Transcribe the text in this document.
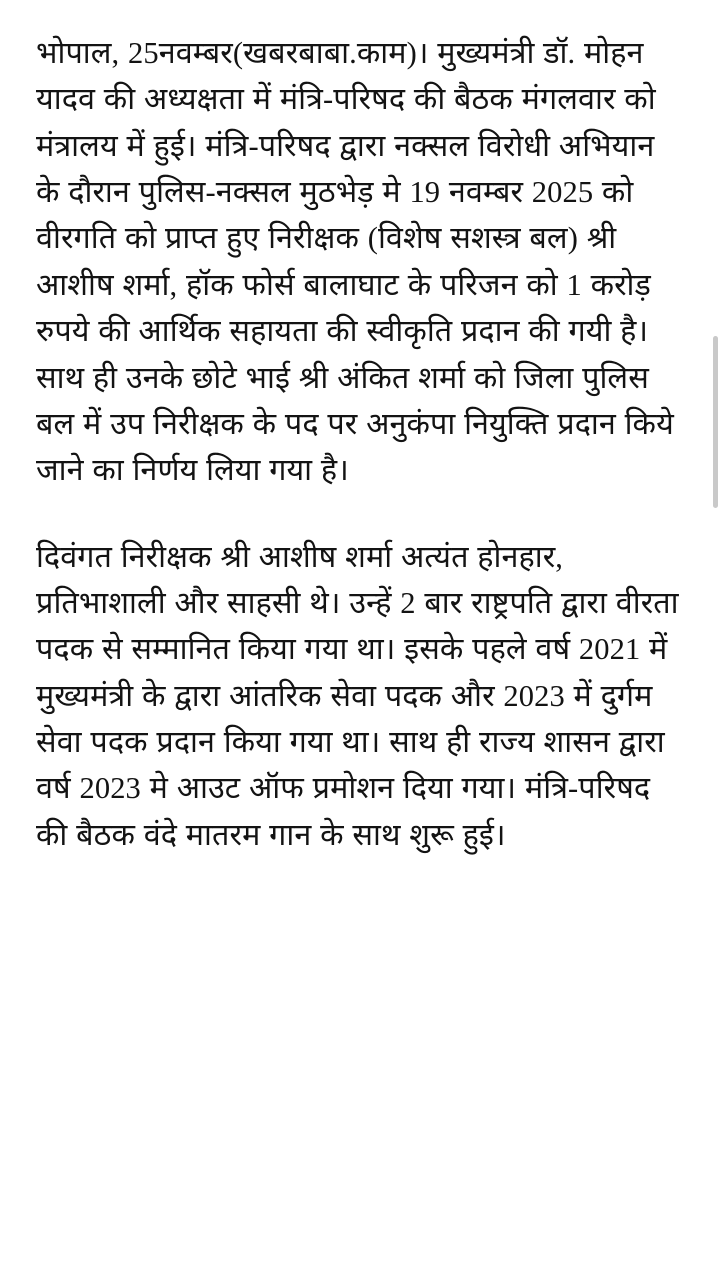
भोपाल, 25नवम्बर(खबरबाबा.काम)। मुख्यमंत्री डॉ. मोहन यादव की अध्यक्षता में मंत्रि-परिषद की बैठक मंगलवार को मंत्रालय में हुई। मंत्रि-परिषद द्वारा नक्सल विरोधी अभियान के दौरान पुलिस-नक्सल मुठभेड़ मे 19 नवम्बर 2025 को वीरगति को प्राप्त हुए निरीक्षक (विशेष सशस्त्र बल) श्री आशीष शर्मा, हॉक फोर्स बालाघाट के परिजन को 1 करोड़ रुपये की आर्थिक सहायता की स्वीकृति प्रदान की गयी है। साथ ही उनके छोटे भाई श्री अंकित शर्मा को जिला पुलिस बल में उप निरीक्षक के पद पर अनुकंपा नियुक्ति प्रदान किये जाने का निर्णय लिया गया है।

दिवंगत निरीक्षक श्री आशीष शर्मा अत्यंत होनहार, प्रतिभाशाली और साहसी थे। उन्हें 2 बार राष्ट्रपति द्वारा वीरता पदक से सम्मानित किया गया था। इसके पहले वर्ष 2021 में मुख्यमंत्री के द्वारा आंतरिक सेवा पदक और 2023 में दुर्गम सेवा पदक प्रदान किया गया था। साथ ही राज्य शासन द्वारा वर्ष 2023 मे आउट ऑफ प्रमोशन दिया गया। मंत्रि-परिषद की बैठक वंदे मातरम गान के साथ शुरू हुई।
